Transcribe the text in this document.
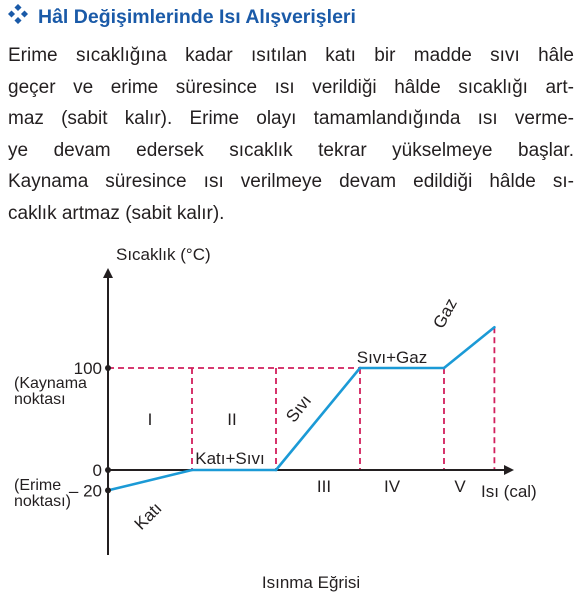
Hâl Değişimlerinde Isı Alışverişleri
Erime sıcaklığına kadar ısıtılan katı bir madde sıvı hâle
geçer ve erime süresince ısı verildiği hâlde sıcaklığı art-
maz (sabit kalır). Erime olayı tamamlandığında ısı verme-
ye devam edersek sıcaklık tekrar yükselmeye başlar.
Kaynama süresince ısı verilmeye devam edildiği hâlde sı-
caklık artmaz (sabit kalır).
– 20
0
(Erime
noktası)
100
(Kaynama
noktası
Katı
Katı+Sıvı
Sıvı
Sıvı+Gaz
Gaz
I	II
III	IV	V
Sıcaklık (°C)
Isı (cal)
Isınma Eğrisi
